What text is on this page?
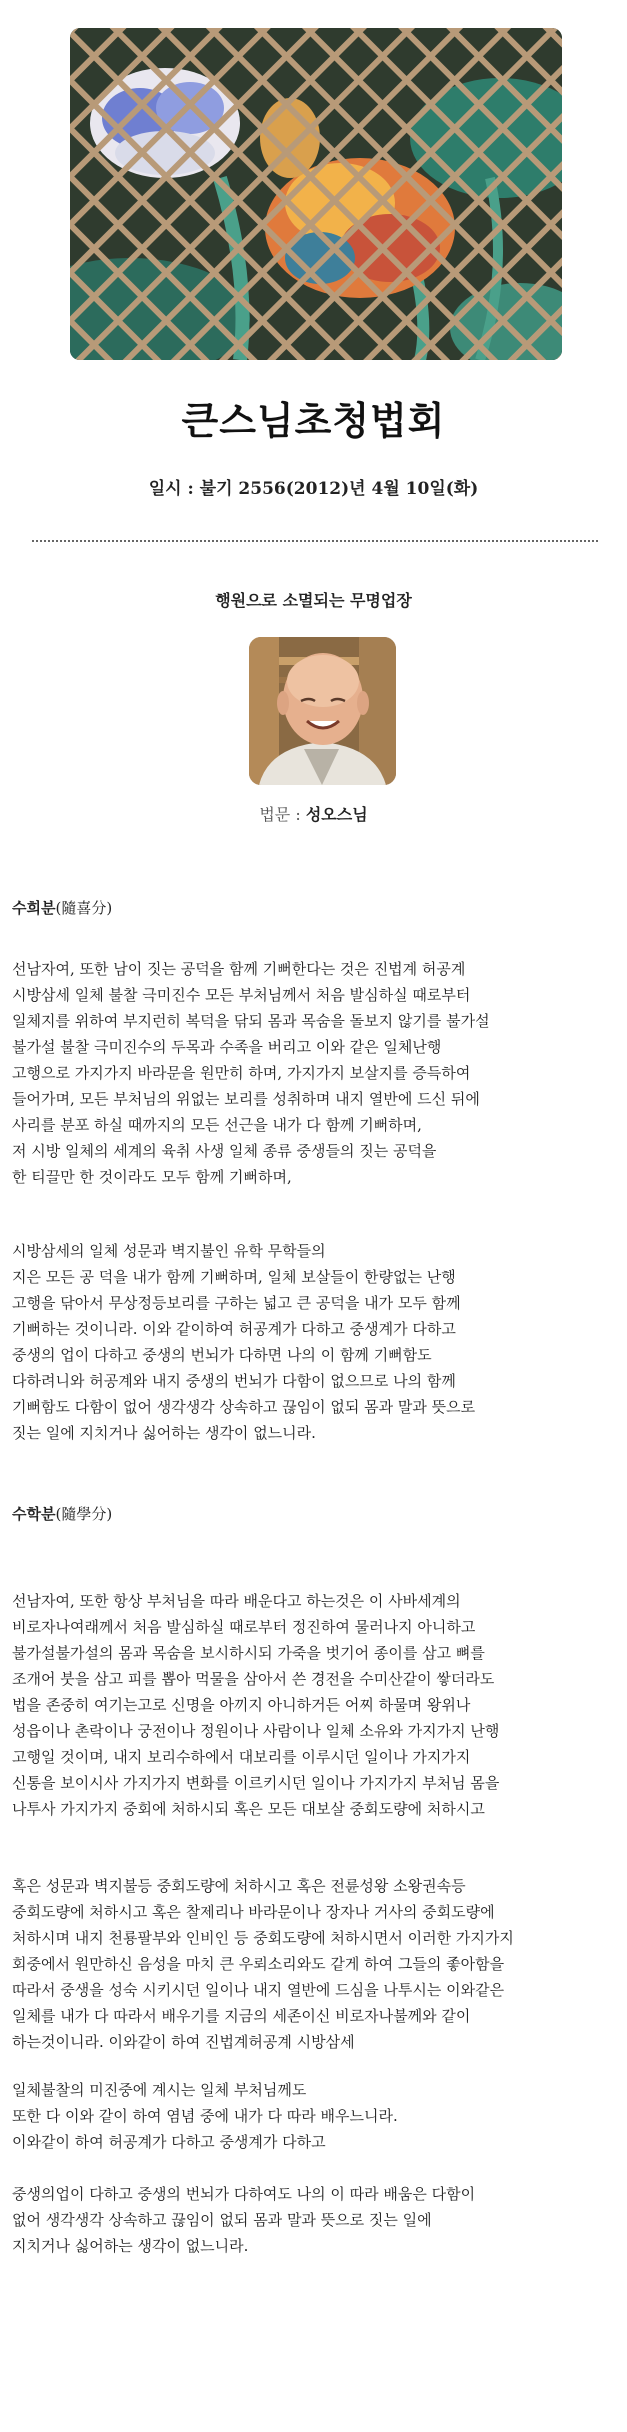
큰스님초청법회
일시 : 불기 2556(2012)년 4월 10일(화)
행원으로 소멸되는 무명업장
법문 : 성오스님
수희분(隨喜分)
선남자여, 또한 남이 짓는 공덕을 함께 기뻐한다는 것은 진법계 허공계
시방삼세 일체 불찰 극미진수 모든 부처님께서 처음 발심하실 때로부터
일체지를 위하여 부지런히 복덕을 닦되 몸과 목숨을 돌보지 않기를 불가설
불가설 불찰 극미진수의 두목과 수족을 버리고 이와 같은 일체난행
고행으로 가지가지 바라문을 원만히 하며, 가지가지 보살지를 증득하여
들어가며, 모든 부처님의 위없는 보리를 성취하며 내지 열반에 드신 뒤에
사리를 분포 하실 때까지의 모든 선근을 내가 다 함께 기뻐하며,
저 시방 일체의 세계의 육취 사생 일체 종류 중생들의 짓는 공덕을
한 티끌만 한 것이라도 모두 함께 기뻐하며,
시방삼세의 일체 성문과 벽지불인 유학 무학들의
지은 모든 공 덕을 내가 함께 기뻐하며, 일체 보살들이 한량없는 난행
고행을 닦아서 무상정등보리를 구하는 넓고 큰 공덕을 내가 모두 함께
기뻐하는 것이니라. 이와 같이하여 허공계가 다하고 중생계가 다하고
중생의 업이 다하고 중생의 번뇌가 다하면 나의 이 함께 기뻐함도
다하려니와 허공계와 내지 중생의 번뇌가 다함이 없으므로 나의 함께
기뻐함도 다함이 없어 생각생각 상속하고 끊임이 없되 몸과 말과 뜻으로
짓는 일에 지치거나 싫어하는 생각이 없느니라.
수학분(隨學分)
선남자여, 또한 항상 부처님을 따라 배운다고 하는것은 이 사바세계의
비로자나여래께서 처음 발심하실 때로부터 정진하여 물러나지 아니하고
불가설불가설의 몸과 목숨을 보시하시되 가죽을 벗기어 종이를 삼고 뼈를
조개어 붓을 삼고 피를 뽑아 먹물을 삼아서 쓴 경전을 수미산같이 쌓더라도
법을 존중히 여기는고로 신명을 아끼지 아니하거든 어찌 하물며 왕위나
성읍이나 촌락이나 궁전이나 정원이나 사람이나 일체 소유와 가지가지 난행
고행일 것이며, 내지 보리수하에서 대보리를 이루시던 일이나 가지가지
신통을 보이시사 가지가지 변화를 이르키시던 일이나 가지가지 부처님 몸을
나투사 가지가지 중회에 처하시되 혹은 모든 대보살 중회도량에 처하시고
혹은 성문과 벽지불등 중회도량에 처하시고 혹은 전륜성왕 소왕권속등
중회도량에 처하시고 혹은 찰제리나 바라문이나 장자나 거사의 중회도량에
처하시며 내지 천룡팔부와 인비인 등 중회도량에 처하시면서 이러한 가지가지
회중에서 원만하신 음성을 마치 큰 우뢰소리와도 같게 하여 그들의 좋아함을
따라서 중생을 성숙 시키시던 일이나 내지 열반에 드심을 나투시는 이와같은
일체를 내가 다 따라서 배우기를 지금의 세존이신 비로자나불께와 같이
하는것이니라. 이와같이 하여 진법계허공계 시방삼세
일체불찰의 미진중에 계시는 일체 부처님께도
또한 다 이와 같이 하여 염념 중에 내가 다 따라 배우느니라.
이와같이 하여 허공계가 다하고 중생계가 다하고
중생의업이 다하고 중생의 번뇌가 다하여도 나의 이 따라 배움은 다함이
없어 생각생각 상속하고 끊임이 없되 몸과 말과 뜻으로 짓는 일에
지치거나 싫어하는 생각이 없느니라.
